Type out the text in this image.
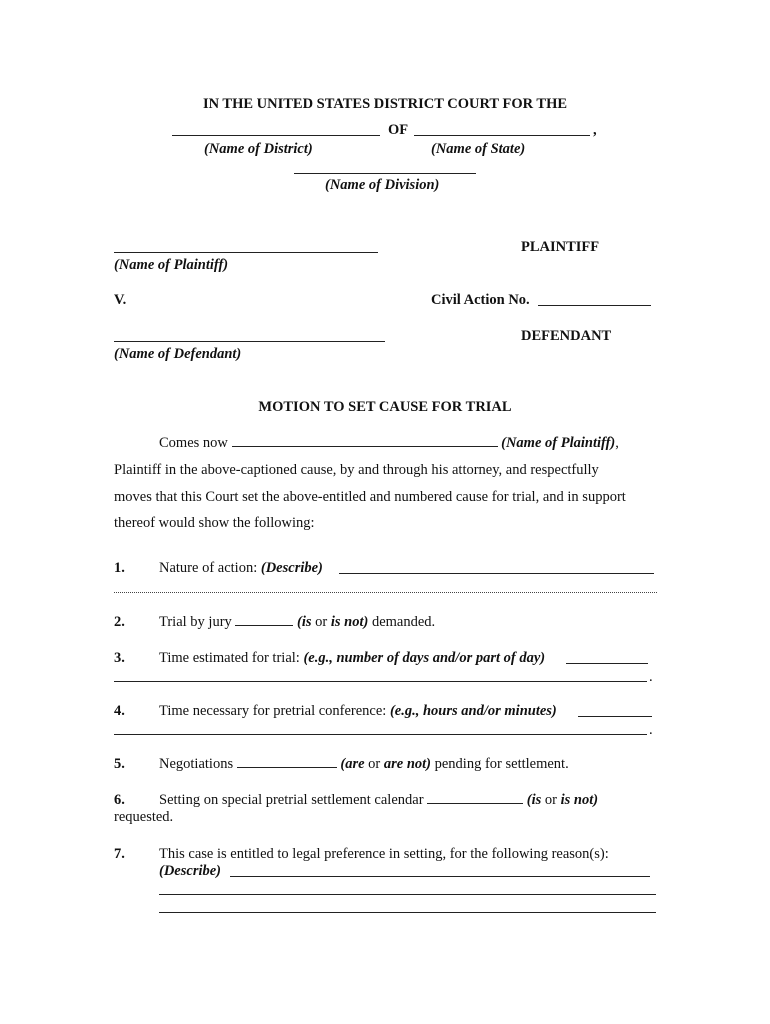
IN THE UNITED STATES DISTRICT COURT FOR THE
OF	,
(Name of District)	(Name of State)
(Name of Division)
PLAINTIFF
(Name of Plaintiff)
V.	Civil Action No.
DEFENDANT
(Name of Defendant)
MOTION TO SET CAUSE FOR TRIAL
Comes now	(Name of Plaintiff),
Plaintiff in the above-captioned cause, by and through his attorney, and respectfully
moves that this Court set the above-entitled and numbered cause for trial, and in support
thereof would show the following:
1. Nature of action: (Describe)
2. Trial by jury	(is or is not) demanded.
3. Time estimated for trial: (e.g., number of days and/or part of day)
.
4. Time necessary for pretrial conference: (e.g., hours and/or minutes)
.
5. Negotiations	(are or are not) pending for settlement.
6. Setting on special pretrial settlement calendar	(is or is not)
requested.
7. This case is entitled to legal preference in setting, for the following reason(s):
(Describe)
